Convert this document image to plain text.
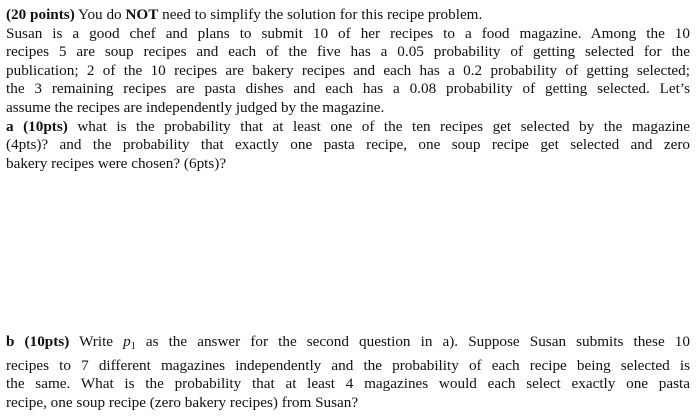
(20 points) You do NOT need to simplify the solution for this recipe problem.
Susan is a good chef and plans to submit 10 of her recipes to a food magazine. Among the 10
recipes 5 are soup recipes and each of the five has a 0.05 probability of getting selected for the
publication; 2 of the 10 recipes are bakery recipes and each has a 0.2 probability of getting selected;
the 3 remaining recipes are pasta dishes and each has a 0.08 probability of getting selected. Let’s
assume the recipes are independently judged by the magazine.

a (10pts) what is the probability that at least one of the ten recipes get selected by the magazine
(4pts)? and the probability that exactly one pasta recipe, one soup recipe get selected and zero
bakery recipes were chosen? (6pts)?

b (10pts) Write $p_1$ as the answer for the second question in a). Suppose Susan submits these 10
recipes to 7 different magazines independently and the probability of each recipe being selected is
the same. What is the probability that at least 4 magazines would each select exactly one pasta
recipe, one soup recipe (zero bakery recipes) from Susan?
